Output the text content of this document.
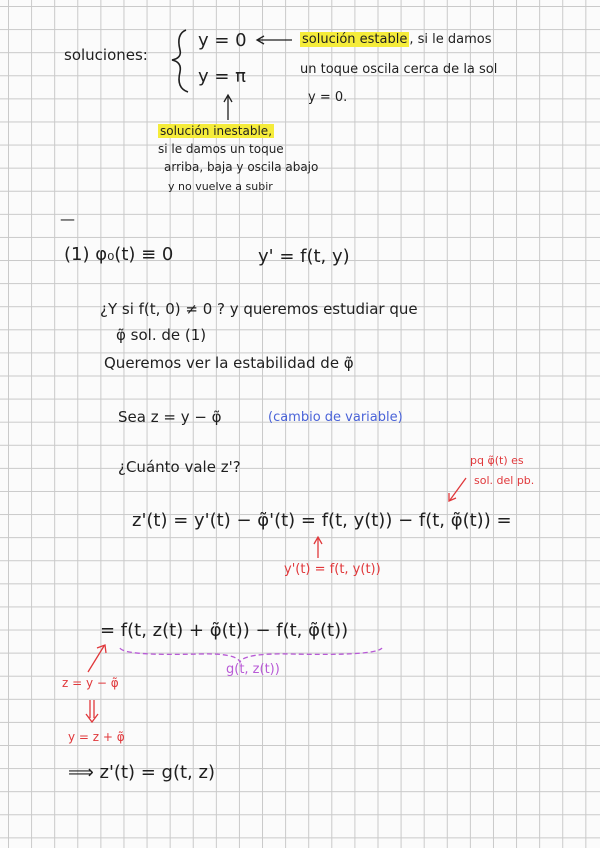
soluciones:
y = 0
y = π
solución estable , si le damos
un toque oscila cerca de la sol
y = 0.
solución inestable,
si le damos un toque
arriba, baja y oscila abajo
y no vuelve a subir
—
(1) φ₀(t) ≡ 0	y' = f(t, y)
¿Y si f(t, 0) ≠ 0 ? y queremos estudiar que
φ̃ sol. de (1)
Queremos ver la estabilidad de φ̃
Sea z = y − φ̃	(cambio de variable)
¿Cuánto vale z'?	pq φ̃(t) es
sol. del pb.
z'(t) = y'(t) − φ̃'(t) = f(t, y(t)) − f(t, φ̃(t)) =
y'(t) = f(t, y(t))
= f(t, z(t) + φ̃(t)) − f(t, φ̃(t))
g(t, z(t))
z = y − φ̃
y = z + φ̃
⟹ z'(t) = g(t, z)
